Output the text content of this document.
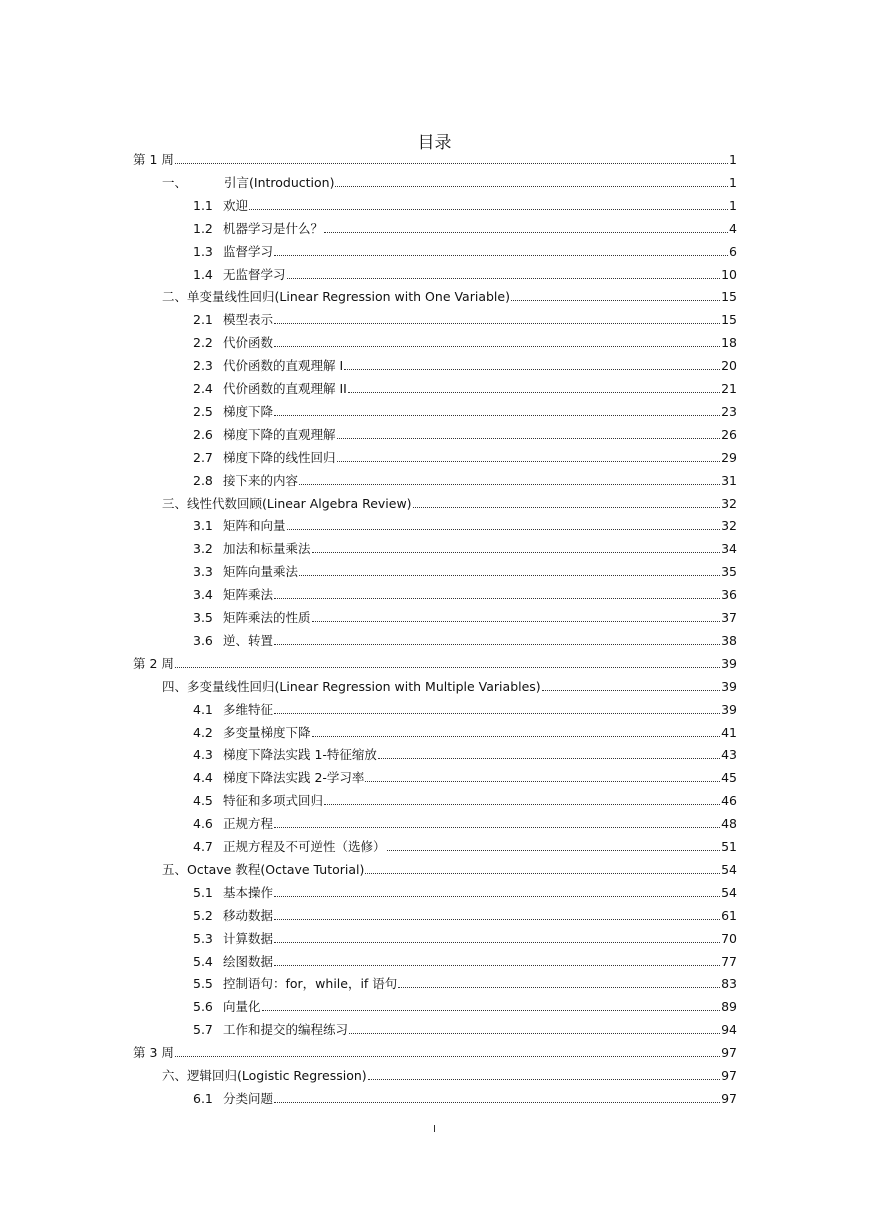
目录
第 1 周	1
一、	引言(Introduction)	1
1.1 欢迎	1
1.2 机器学习是什么？	4
1.3 监督学习	6
1.4 无监督学习	10
二、单变量线性回归(Linear Regression with One Variable)	15
2.1 模型表示	15
2.2 代价函数	18
2.3 代价函数的直观理解 I	20
2.4 代价函数的直观理解 II	21
2.5 梯度下降	23
2.6 梯度下降的直观理解	26
2.7 梯度下降的线性回归	29
2.8 接下来的内容	31
三、线性代数回顾(Linear Algebra Review)	32
3.1 矩阵和向量	32
3.2 加法和标量乘法	34
3.3 矩阵向量乘法	35
3.4 矩阵乘法	36
3.5 矩阵乘法的性质	37
3.6 逆、转置	38
第 2 周	39
四、多变量线性回归(Linear Regression with Multiple Variables)	39
4.1 多维特征	39
4.2 多变量梯度下降	41
4.3 梯度下降法实践 1-特征缩放	43
4.4 梯度下降法实践 2-学习率	45
4.5 特征和多项式回归	46
4.6 正规方程	48
4.7 正规方程及不可逆性（选修）	51
五、Octave 教程(Octave Tutorial)	54
5.1 基本操作	54
5.2 移动数据	61
5.3 计算数据	70
5.4 绘图数据	77
5.5 控制语句：for，while，if 语句	83
5.6 向量化	89
5.7 工作和提交的编程练习	94
第 3 周	97
六、逻辑回归(Logistic Regression)	97
6.1 分类问题	97
I
